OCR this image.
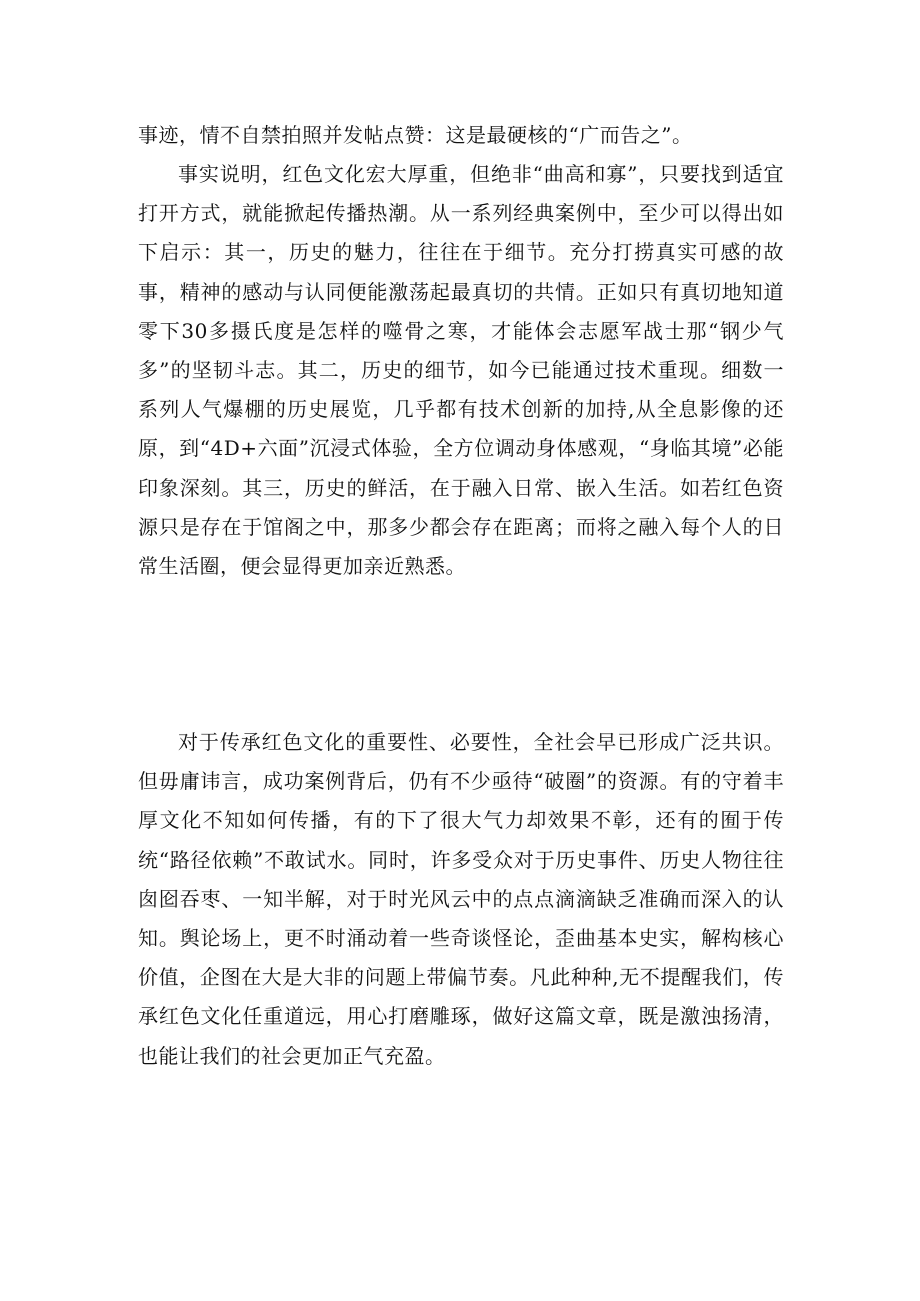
事迹，情不自禁拍照并发帖点赞：这是最硬核的“广而告之”。

事实说明，红色文化宏大厚重，但绝非“曲高和寡”，只要找到适宜打开方式，就能掀起传播热潮。从一系列经典案例中，至少可以得出如下启示：其一，历史的魅力，往往在于细节。充分打捞真实可感的故事，精神的感动与认同便能激荡起最真切的共情。正如只有真切地知道零下30多摄氏度是怎样的噬骨之寒，才能体会志愿军战士那“钢少气多”的坚韧斗志。其二，历史的细节，如今已能通过技术重现。细数一系列人气爆棚的历史展览，几乎都有技术创新的加持,从全息影像的还原，到“4D+六面”沉浸式体验，全方位调动身体感观，“身临其境”必能印象深刻。其三，历史的鲜活，在于融入日常、嵌入生活。如若红色资源只是存在于馆阁之中，那多少都会存在距离；而将之融入每个人的日常生活圈，便会显得更加亲近熟悉。

对于传承红色文化的重要性、必要性，全社会早已形成广泛共识。但毋庸讳言，成功案例背后，仍有不少亟待“破圈”的资源。有的守着丰厚文化不知如何传播，有的下了很大气力却效果不彰，还有的囿于传统“路径依赖”不敢试水。同时，许多受众对于历史事件、历史人物往往囱囵吞枣、一知半解，对于时光风云中的点点滴滴缺乏准确而深入的认知。舆论场上，更不时涌动着一些奇谈怪论，歪曲基本史实，解构核心价值，企图在大是大非的问题上带偏节奏。凡此种种,无不提醒我们，传承红色文化任重道远，用心打磨雕琢，做好这篇文章，既是激浊扬清，也能让我们的社会更加正气充盈。
